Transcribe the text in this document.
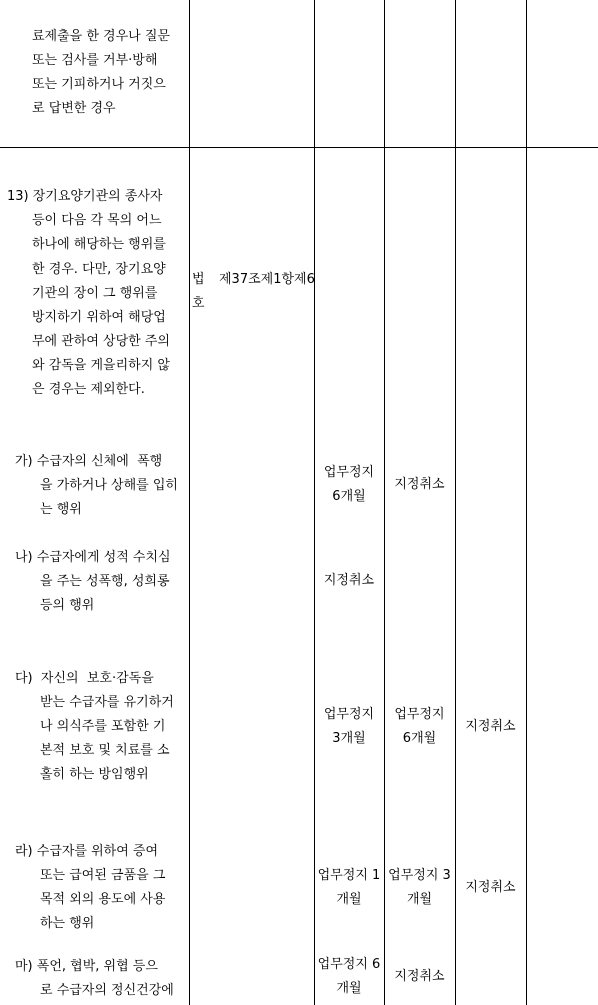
료제출을 한 경우나 질문
또는 검사를 거부·방해
또는 기피하거나 거짓으
로 답변한 경우
13) 장기요양기관의 종사자
등이 다음 각 목의 어느
하나에 해당하는 행위를
한 경우. 다만, 장기요양
기관의 장이 그 행위를
방지하기 위하여 해당업
무에 관하여 상당한 주의
와 감독을 게을리하지 않
은 경우는 제외한다.
법
호
제37조제1항제6
가) 수급자의 신체에  폭행
을 가하거나 상해를 입히
는 행위
업무정지
6개월
지정취소
나) 수급자에게 성적 수치심
을 주는 성폭행, 성희롱
등의 행위
지정취소
다)  자신의  보호·감독을
받는 수급자를 유기하거
나 의식주를 포함한 기
본적 보호 및 치료를 소
홀히 하는 방임행위
업무정지
3개월
업무정지
6개월
지정취소
라) 수급자를 위하여 증여
또는 급여된 금품을 그
목적 외의 용도에 사용
하는 행위
업무정지 1
개월
업무정지 3
개월
지정취소
마) 폭언, 협박, 위협 등으
로 수급자의 정신건강에
업무정지 6
개월
지정취소
